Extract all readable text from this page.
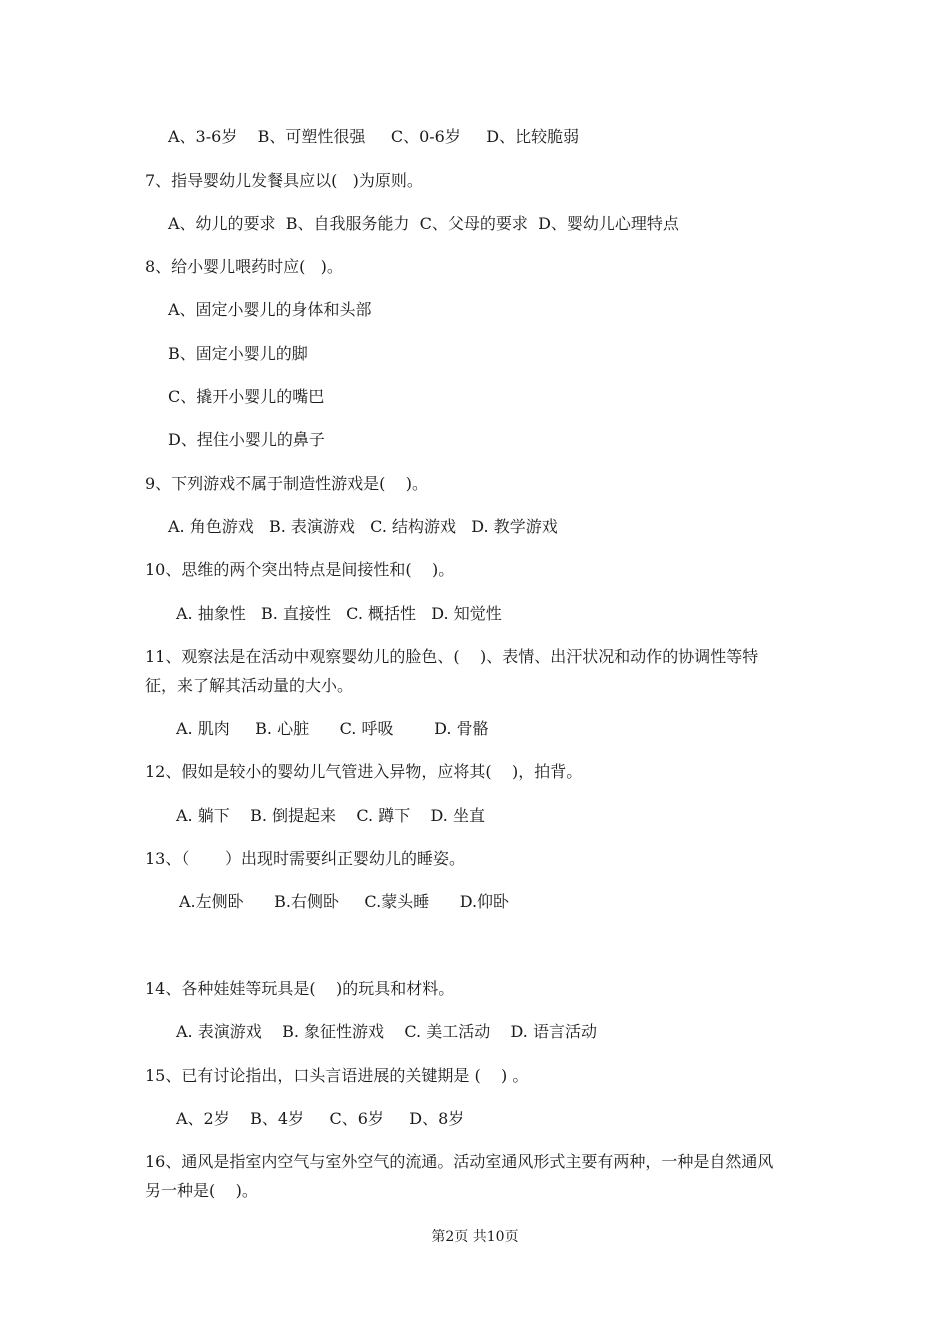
A、3-6岁    B、可塑性很强     C、0-6岁     D、比较脆弱
7、指导婴幼儿发餐具应以(   )为原则。
A、幼儿的要求  B、自我服务能力  C、父母的要求  D、婴幼儿心理特点
8、给小婴儿喂药时应(   )。
A、固定小婴儿的身体和头部
B、固定小婴儿的脚
C、撬开小婴儿的嘴巴
D、捏住小婴儿的鼻子
9、下列游戏不属于制造性游戏是(    )。
A. 角色游戏   B. 表演游戏   C. 结构游戏   D. 教学游戏
10、思维的两个突出特点是间接性和(    )。
A. 抽象性   B. 直接性   C. 概括性   D. 知觉性
11、观察法是在活动中观察婴幼儿的脸色、(    )、表情、出汗状况和动作的协调性等特
征，来了解其活动量的大小。
A. 肌肉     B. 心脏      C. 呼吸        D. 骨骼
12、假如是较小的婴幼儿气管进入异物，应将其(    )，拍背。
A. 躺下    B. 倒提起来    C. 蹲下    D. 坐直
13、（       ）出现时需要纠正婴幼儿的睡姿。
A.左侧卧      B.右侧卧     C.蒙头睡      D.仰卧
14、各种娃娃等玩具是(    )的玩具和材料。
A. 表演游戏    B. 象征性游戏    C. 美工活动    D. 语言活动
15、已有讨论指出，口头言语进展的关键期是 (    ) 。
A、2岁    B、4岁     C、6岁     D、8岁
16、通风是指室内空气与室外空气的流通。活动室通风形式主要有两种，一种是自然通风
另一种是(    )。
第2页 共10页
